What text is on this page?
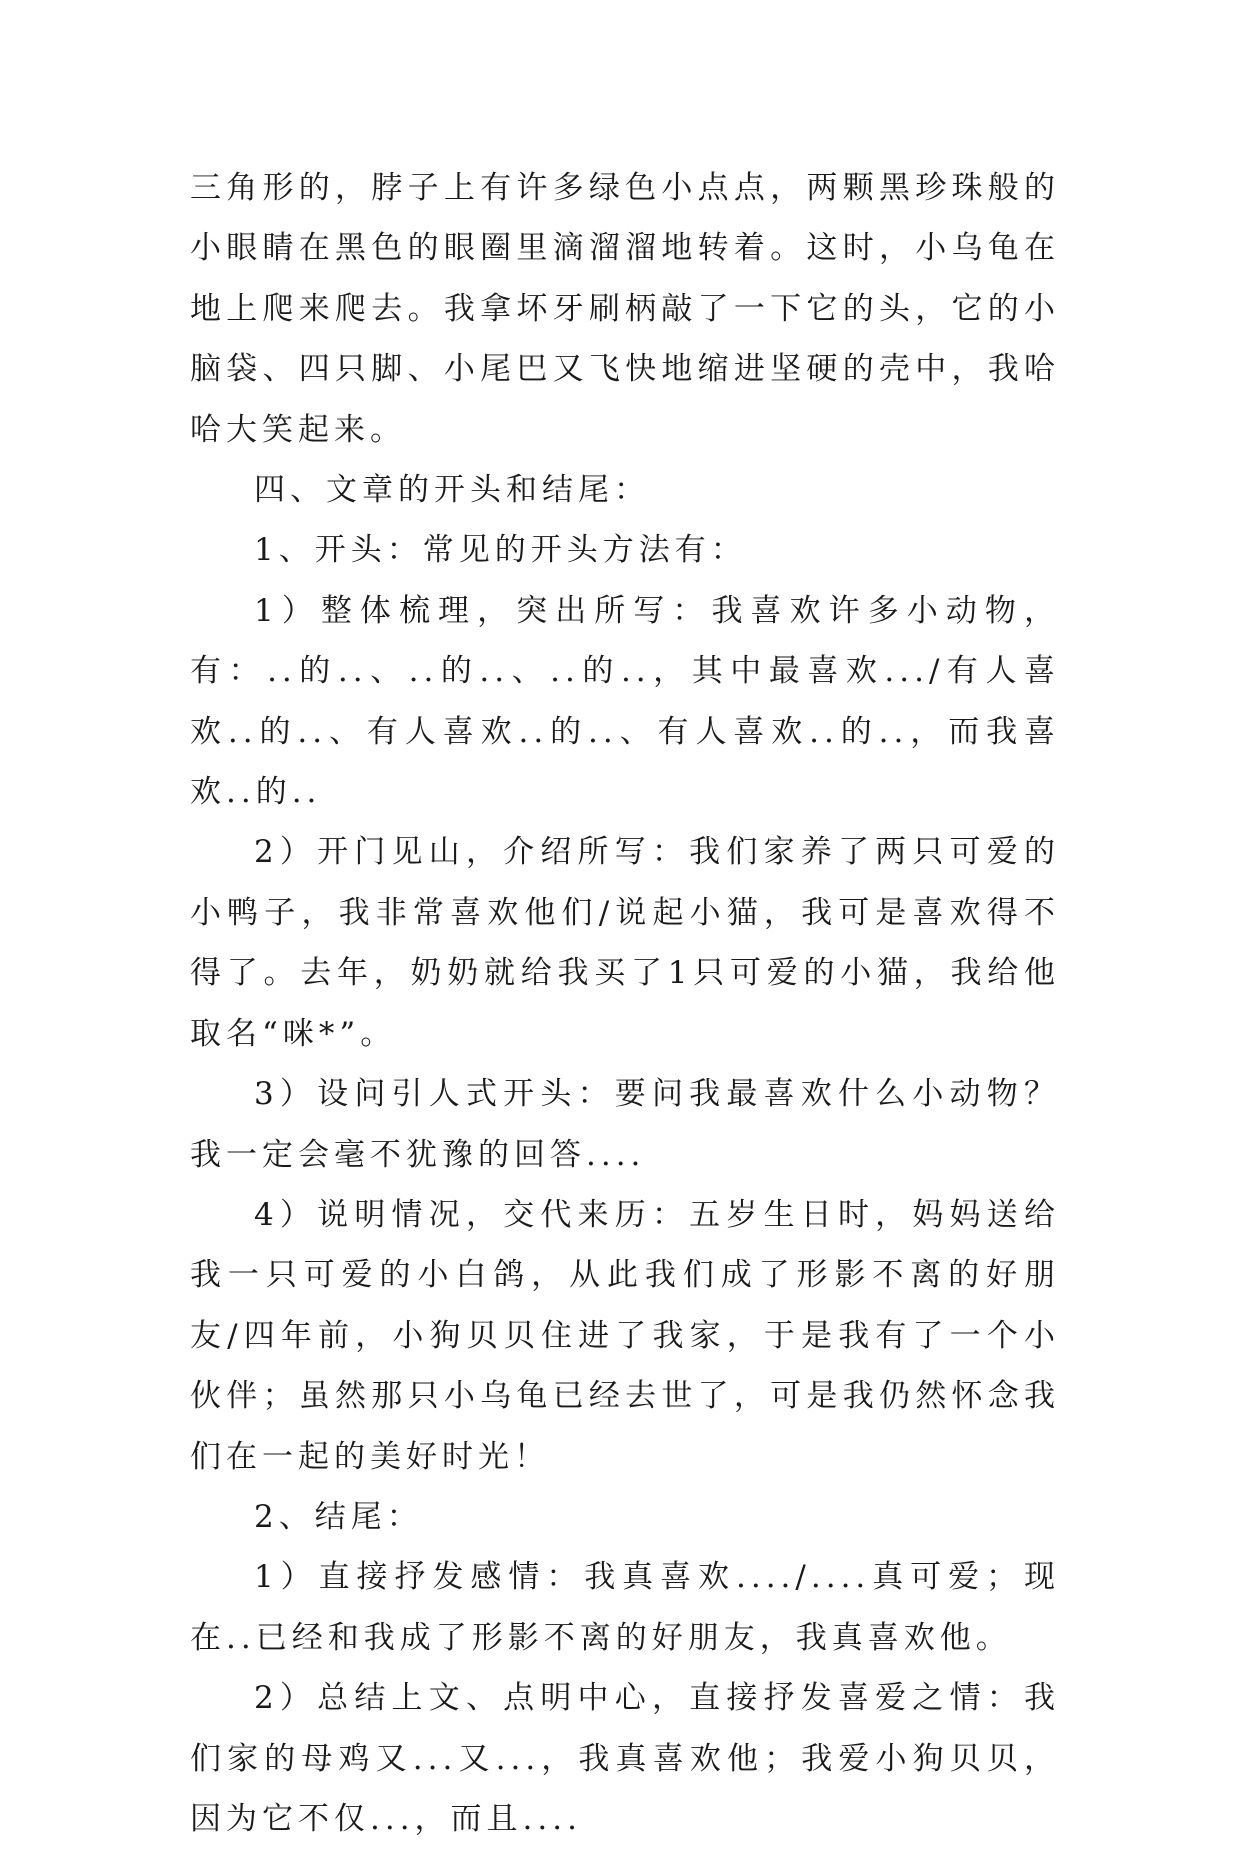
三角形的，脖子上有许多绿色小点点，两颗黑珍珠般的小眼睛在黑色的眼圈里滴溜溜地转着。这时，小乌龟在地上爬来爬去。我拿坏牙刷柄敲了一下它的头，它的小脑袋、四只脚、小尾巴又飞快地缩进坚硬的壳中，我哈哈大笑起来。

四、文章的开头和结尾：

1、开头：常见的开头方法有：

1）整体梳理，突出所写：我喜欢许多小动物，有：..的..、..的..、..的..，其中最喜欢.../有人喜欢..的..、有人喜欢..的..、有人喜欢..的..，而我喜欢..的..

2）开门见山，介绍所写：我们家养了两只可爱的小鸭子，我非常喜欢他们/说起小猫，我可是喜欢得不得了。去年，奶奶就给我买了1只可爱的小猫，我给他取名“咪*”。

3）设问引人式开头：要问我最喜欢什么小动物？我一定会毫不犹豫的回答....

4）说明情况，交代来历：五岁生日时，妈妈送给我一只可爱的小白鸽，从此我们成了形影不离的好朋友/四年前，小狗贝贝住进了我家，于是我有了一个小伙伴；虽然那只小乌龟已经去世了，可是我仍然怀念我们在一起的美好时光！

2、结尾：

1）直接抒发感情：我真喜欢..../....真可爱；现在..已经和我成了形影不离的好朋友，我真喜欢他。

2）总结上文、点明中心，直接抒发喜爱之情：我们家的母鸡又...又...，我真喜欢他；我爱小狗贝贝，因为它不仅...，而且....
